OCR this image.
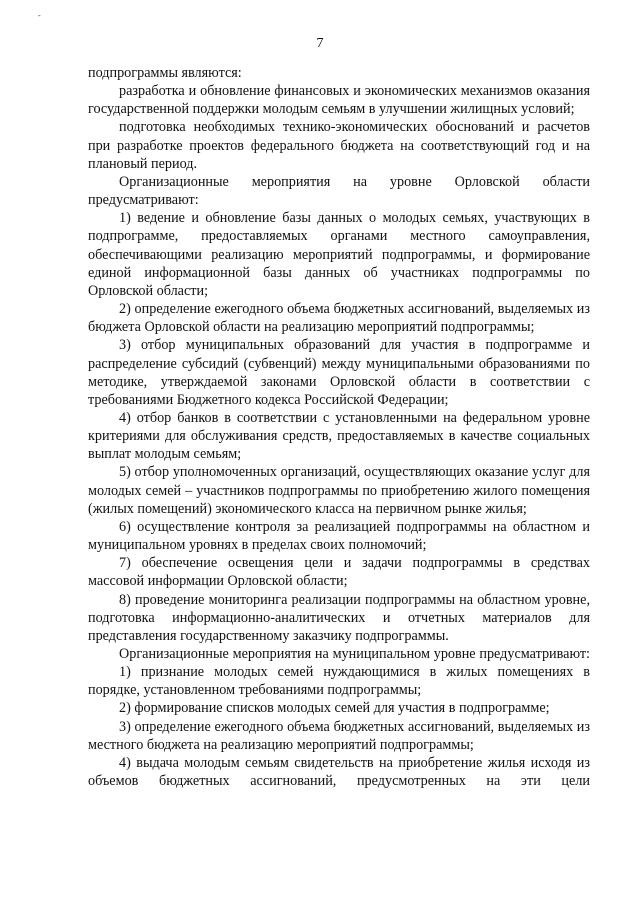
-
7

подпрограммы являются:

разработка и обновление финансовых и экономических механизмов оказания государственной поддержки молодым семьям в улучшении жилищных условий;

подготовка необходимых технико-экономических обоснований и расчетов при разработке проектов федерального бюджета на соответствующий год и на плановый период.

Организационные мероприятия на уровне Орловской области предусматривают:

1) ведение и обновление базы данных о молодых семьях, участвующих в подпрограмме, предоставляемых органами местного самоуправления, обеспечивающими реализацию мероприятий подпрограммы, и формирование единой информационной базы данных об участниках подпрограммы по Орловской области;

2) определение ежегодного объема бюджетных ассигнований, выделяемых из бюджета Орловской области на реализацию мероприятий подпрограммы;

3) отбор муниципальных образований для участия в подпрограмме и распределение субсидий (субвенций) между муниципальными образованиями по методике, утверждаемой законами Орловской области в соответствии с требованиями Бюджетного кодекса Российской Федерации;

4) отбор банков в соответствии с установленными на федеральном уровне критериями для обслуживания средств, предоставляемых в качестве социальных выплат молодым семьям;

5) отбор уполномоченных организаций, осуществляющих оказание услуг для молодых семей – участников подпрограммы по приобретению жилого помещения (жилых помещений) экономического класса на первичном рынке жилья;

6) осуществление контроля за реализацией подпрограммы на областном и муниципальном уровнях в пределах своих полномочий;

7) обеспечение освещения цели и задачи подпрограммы в средствах массовой информации Орловской области;

8) проведение мониторинга реализации подпрограммы на областном уровне, подготовка информационно-аналитических и отчетных материалов для представления государственному заказчику подпрограммы.

Организационные мероприятия на муниципальном уровне предусматривают:

1) признание молодых семей нуждающимися в жилых помещениях в порядке, установленном требованиями подпрограммы;

2) формирование списков молодых семей для участия в подпрограмме;

3) определение ежегодного объема бюджетных ассигнований, выделяемых из местного бюджета на реализацию мероприятий подпрограммы;

4) выдача молодым семьям свидетельств на приобретение жилья исходя из объемов бюджетных ассигнований, предусмотренных на эти цели
